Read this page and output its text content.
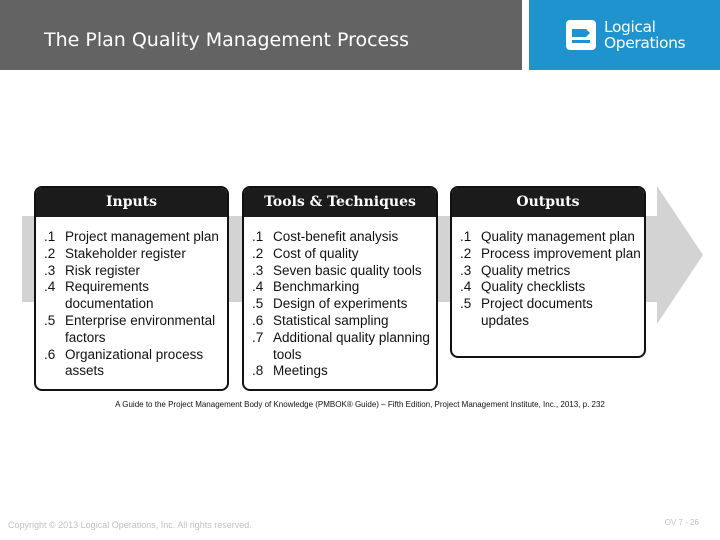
The Plan Quality Management Process
Logical
Operations
Inputs
.1 Project management plan
.2 Stakeholder register
.3 Risk register
.4 Requirements documentation
.5 Enterprise environmental factors
.6 Organizational process assets
Tools & Techniques
.1 Cost-benefit analysis
.2 Cost of quality
.3 Seven basic quality tools
.4 Benchmarking
.5 Design of experiments
.6 Statistical sampling
.7 Additional quality planning tools
.8 Meetings
Outputs
.1 Quality management plan
.2 Process improvement plan
.3 Quality metrics
.4 Quality checklists
.5 Project documents updates
A Guide to the Project Management Body of Knowledge (PMBOK® Guide) – Fifth Edition, Project Management Institute, Inc., 2013, p. 232
Copyright © 2013 Logical Operations, Inc. All rights reserved.	OV 7 - 26
